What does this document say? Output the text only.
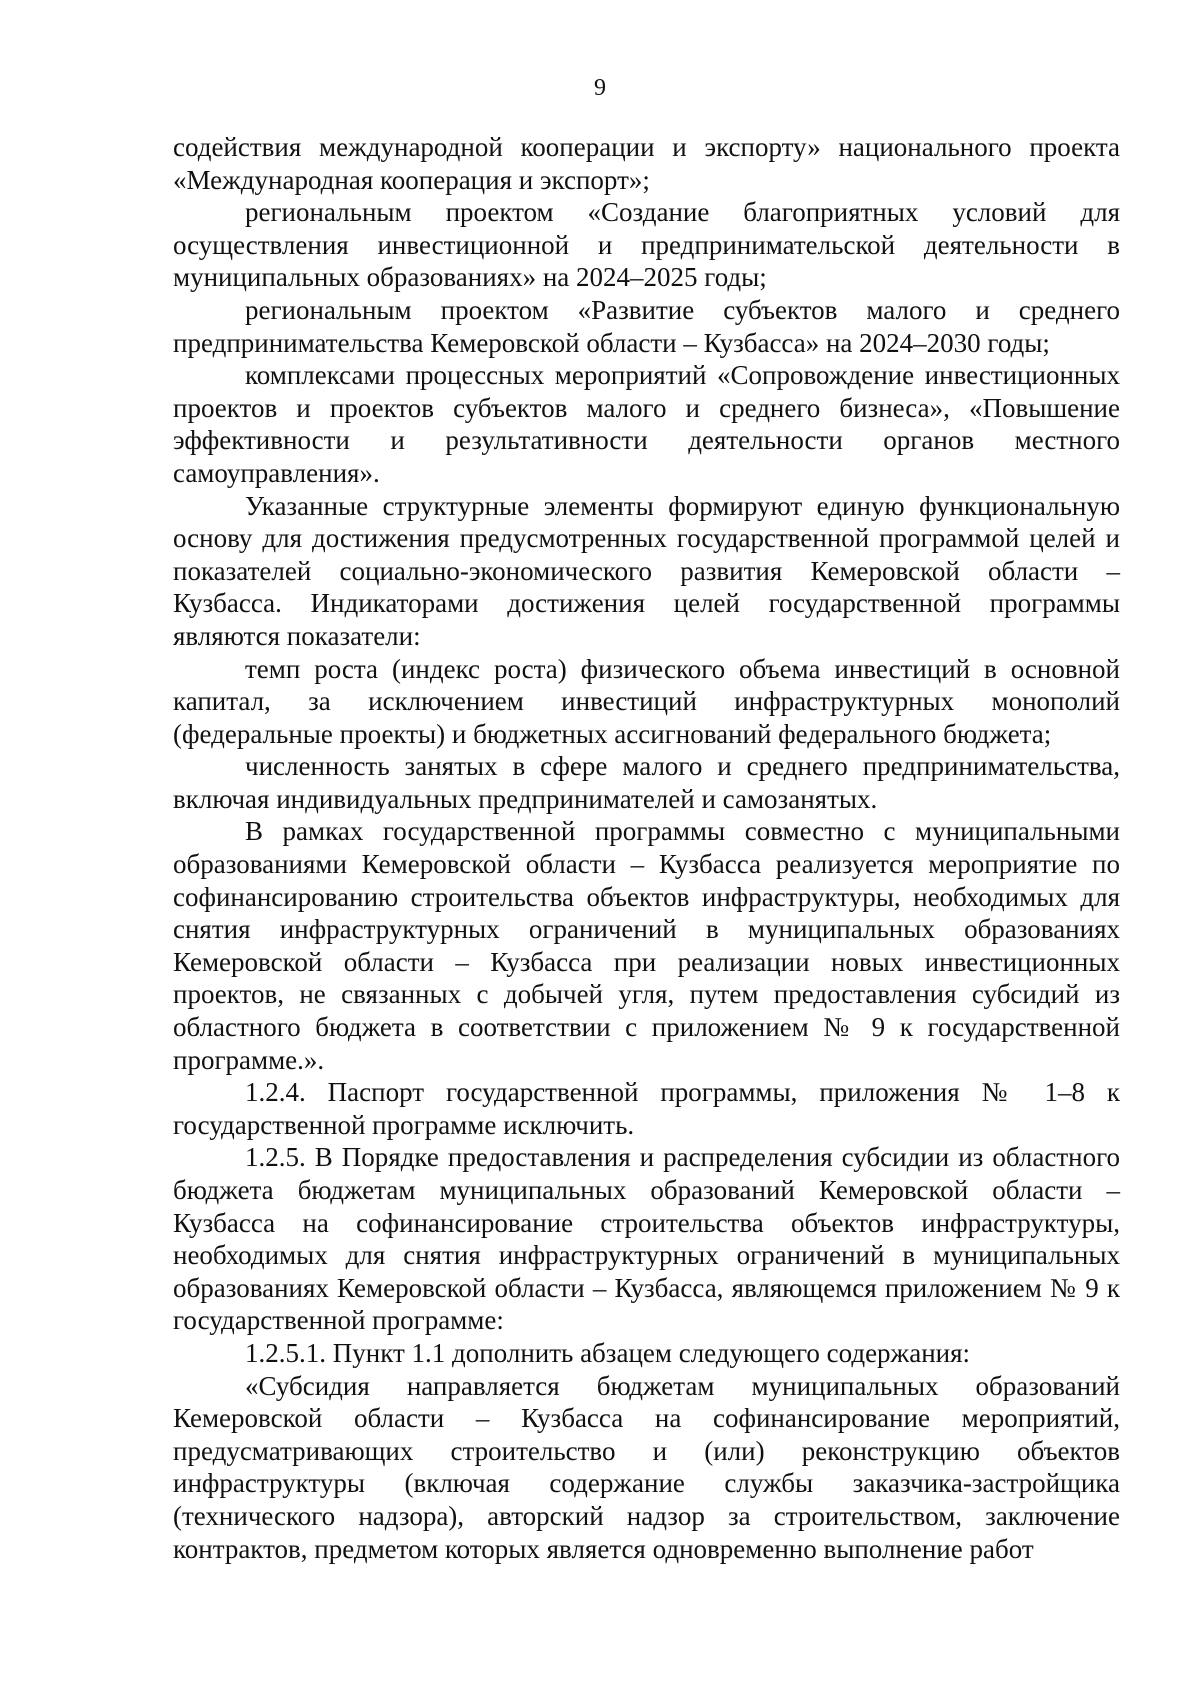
9

содействия международной кооперации и экспорту» национального проекта «Международная кооперация и экспорт»;

региональным проектом «Создание благоприятных условий для осуществления инвестиционной и предпринимательской деятельности в муниципальных образованиях» на 2024–2025 годы;

региональным проектом «Развитие субъектов малого и среднего предпринимательства Кемеровской области – Кузбасса» на 2024–2030 годы;

комплексами процессных мероприятий «Сопровождение инвестиционных проектов и проектов субъектов малого и среднего бизнеса», «Повышение эффективности и результативности деятельности органов местного самоуправления».

Указанные структурные элементы формируют единую функциональную основу для достижения предусмотренных государственной программой целей и показателей социально-экономического развития Кемеровской области – Кузбасса. Индикаторами достижения целей государственной программы являются показатели:

темп роста (индекс роста) физического объема инвестиций в основной капитал, за исключением инвестиций инфраструктурных монополий (федеральные проекты) и бюджетных ассигнований федерального бюджета;

численность занятых в сфере малого и среднего предпринимательства, включая индивидуальных предпринимателей и самозанятых.

В рамках государственной программы совместно с муниципальными образованиями Кемеровской области – Кузбасса реализуется мероприятие по софинансированию строительства объектов инфраструктуры, необходимых для снятия инфраструктурных ограничений в муниципальных образованиях Кемеровской области – Кузбасса при реализации новых инвестиционных проектов, не связанных с добычей угля, путем предоставления субсидий из областного бюджета в соответствии с приложением № 9 к государственной программе.».

1.2.4. Паспорт государственной программы, приложения № 1–8 к государственной программе исключить.

1.2.5. В Порядке предоставления и распределения субсидии из областного бюджета бюджетам муниципальных образований Кемеровской области – Кузбасса на софинансирование строительства объектов инфраструктуры, необходимых для снятия инфраструктурных ограничений в муниципальных образованиях Кемеровской области – Кузбасса, являющемся приложением № 9 к государственной программе:

1.2.5.1. Пункт 1.1 дополнить абзацем следующего содержания:

«Субсидия направляется бюджетам муниципальных образований Кемеровской области – Кузбасса на софинансирование мероприятий, предусматривающих строительство и (или) реконструкцию объектов инфраструктуры (включая содержание службы заказчика-застройщика (технического надзора), авторский надзор за строительством, заключение контрактов, предметом которых является одновременно выполнение работ
